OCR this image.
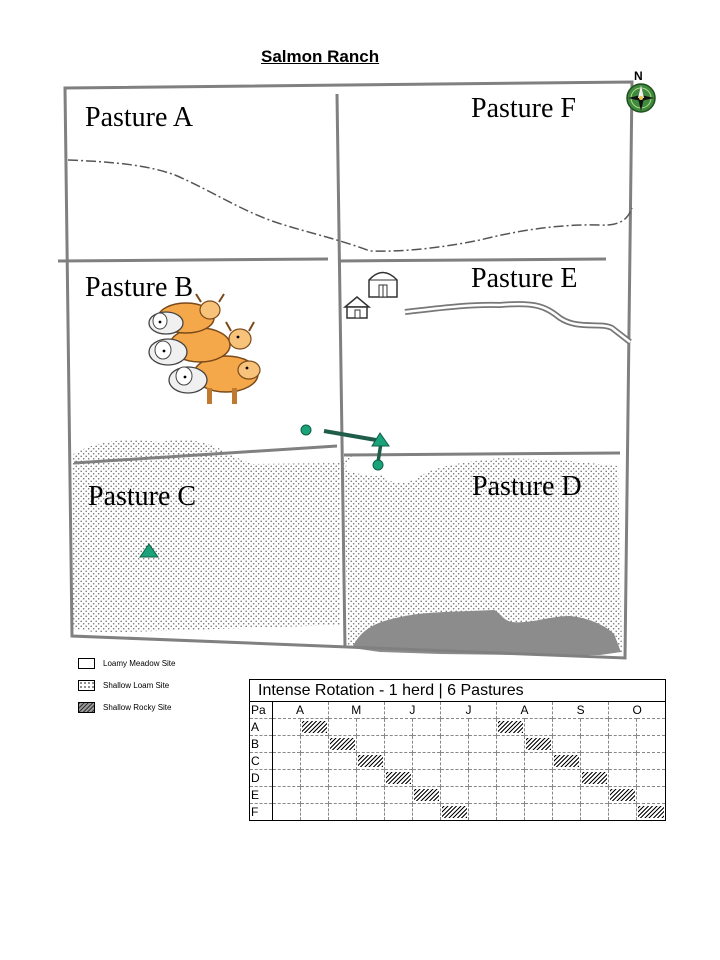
N
Salmon Ranch
Pasture A
Pasture B
Pasture C	Pasture D
Pasture E
Pasture F
Loamy Meadow Site
Shallow Loam Site
Shallow Rocky Site
Intense Rotation - 1 herd | 6 Pastures
Pa	A		M		J		J		A		S		O	
A														
B														
C														
D														
E														
F														
